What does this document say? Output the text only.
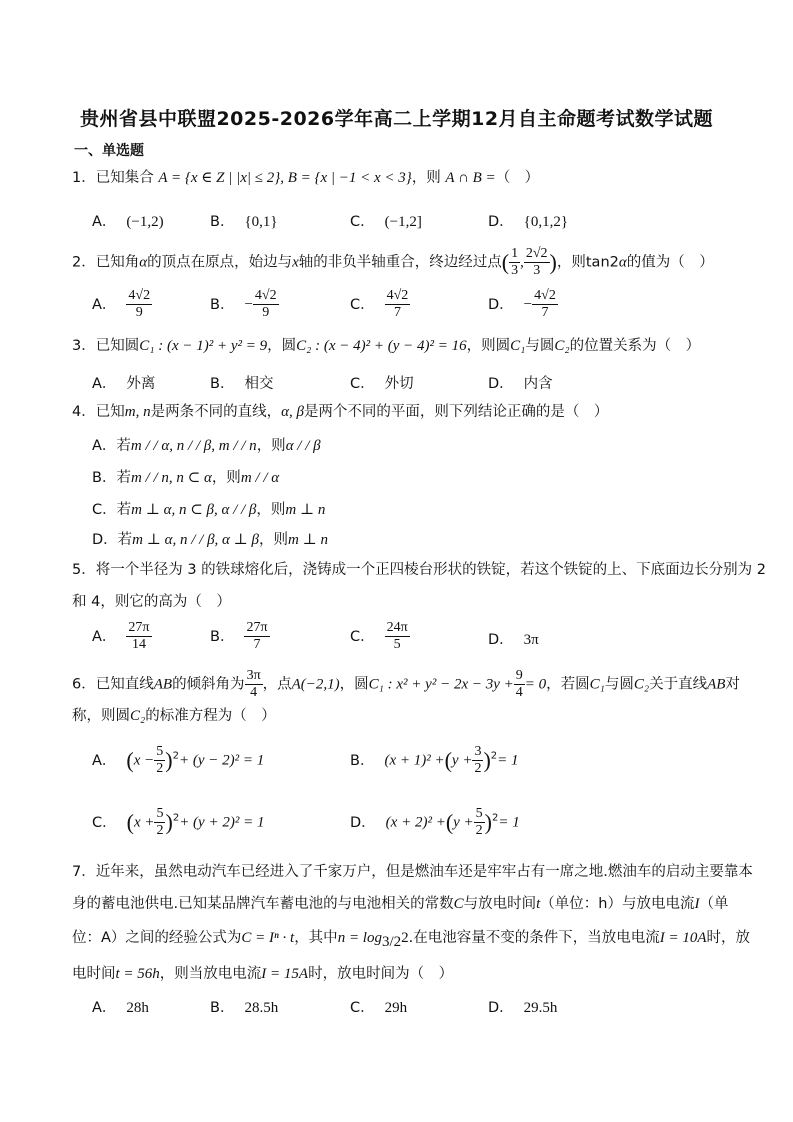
贵州省县中联盟2025-2026学年高二上学期12月自主命题考试数学试题
一、单选题
1．已知集合 A = {x ∈ Z | |x| ≤ 2}, B = {x | −1 < x < 3}，则 A ∩ B =（　）
A． (−1,2)	B． {0,1}	C． (−1,2]	D． {0,1,2}
2．已知角α的顶点在原点，始边与x轴的非负半轴重合，终边经过点( $\frac{1}{3}$ , $\frac{2√2}{3}$ )，则tan2α的值为（　）
A． $\frac{4√2}{9}$	B． − $\frac{4√2}{9}$	C． $\frac{4√2}{7}$	D． − $\frac{4√2}{7}$
3．已知圆C₁ : (x − 1)² + y² = 9，圆C₂ : (x − 4)² + (y − 4)² = 16，则圆C₁与圆C₂的位置关系为（　）
A． 外离	B． 相交	C． 外切	D． 内含
4．已知m, n是两条不同的直线，α, β是两个不同的平面，则下列结论正确的是（　）
A．若m / / α, n / / β, m / / n，则α / / β
B．若m / / n, n ⊂ α，则m / / α
C．若m ⊥ α, n ⊂ β, α / / β，则m ⊥ n
D．若m ⊥ α, n / / β, α ⊥ β，则m ⊥ n
5．将一个半径为 3 的铁球熔化后，浇铸成一个正四棱台形状的铁锭，若这个铁锭的上、下底面边长分别为 2
和 4，则它的高为（　）
A． $\frac{27\pi}{14}$	B． $\frac{27\pi}{7}$	C． $\frac{24\pi}{5}$	D． 3π
6．已知直线AB的倾斜角为 $\frac{3\pi}{4}$ ，点A(−2,1)，圆C₁ : $x^2 + y^2 - 2x - 3y + \frac{9}{4} = 0$，若圆C₁与圆C₂关于直线AB对
称，则圆C₂的标准方程为（　）
A． $(x - \frac{5}{2} )^2+ (y - 2)^2 = 1$	B． $(x + 1)^2 +(y + \frac{3}{2} )^2= 1$
C． $(x + \frac{5}{2} )^2+ (y + 2)^2 = 1$	D． $(x + 2)^2 +(y + \frac{5}{2} )^2= 1$
7．近年来，虽然电动汽车已经进入了千家万户，但是燃油车还是牢牢占有一席之地.燃油车的启动主要靠本
身的蓄电池供电.已知某品牌汽车蓄电池的与电池相关的常数C与放电时间t（单位：h）与放电电流I（单
位：A）之间的经验公式为C = Iⁿ · t，其中$n = \log_{3/2}2$.在电池容量不变的条件下，当放电电流I = 10A时，放
电时间t = 56h，则当放电电流I = 15A时，放电时间为（　）
A． 28h	B． 28.5h	C． 29h	D． 29.5h
